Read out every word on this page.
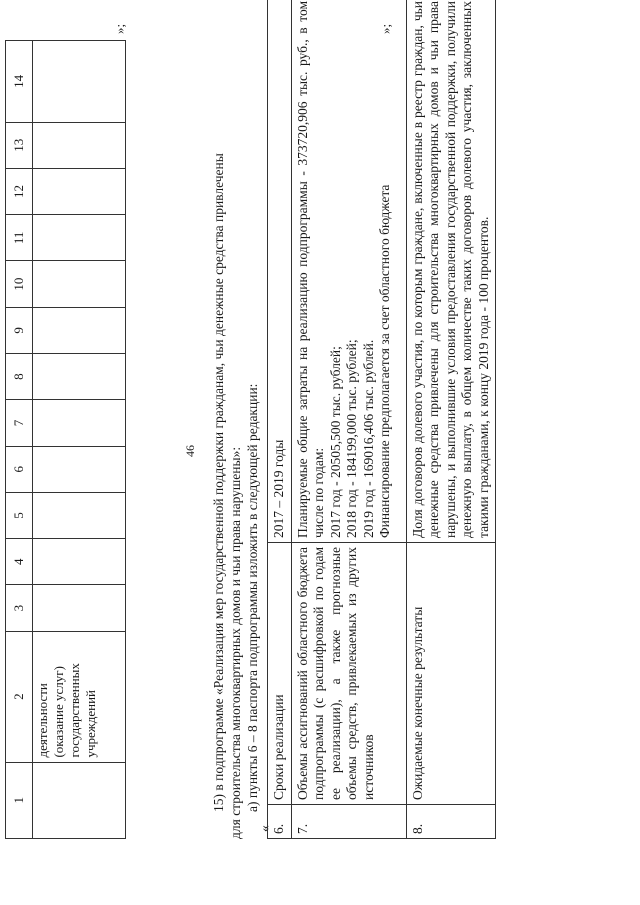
1	2	3	4	5	6	7	8	9	10	11	12	13	14

	деятельности (оказание услуг) государственных учреждений												

»;
46 15) в подпрограмме «Реализация мер государственной поддержки гражданам, чьи денежные средства привлечены для строительства многоквартирных домов и чьи права нарушены»: а) пункты 6 – 8 паспорта подпрограммы изложить в следующей редакции:
« 6.	Сроки реализации	2017 – 2019 годы

7.	Объемы ассигнований областного бюджета подпрограммы (с расшифровкой по годам ее реализации), а также прогнозные объемы средств, привлекаемых из других источников	Планируемые общие затраты на реализацию подпрограммы - 373720,906 тыс. руб., в том числе по годам: 2017 год - 20505,500 тыс. рублей; 2018 год - 184199,000 тыс. рублей; 2019 год - 169016,406 тыс. рублей. Финансирование предполагается за счет областного бюджета

8.	Ожидаемые конечные результаты	Доля договоров долевого участия, по которым граждане, включенные в реестр граждан, чьи денежные средства привлечены для строительства многоквартирных домов и чьи права нарушены, и выполнившие условия предоставления государственной поддержки, получили денежную выплату, в общем количестве таких договоров долевого участия, заключенных такими гражданами, к концу 2019 года - 100 процентов.
»;
